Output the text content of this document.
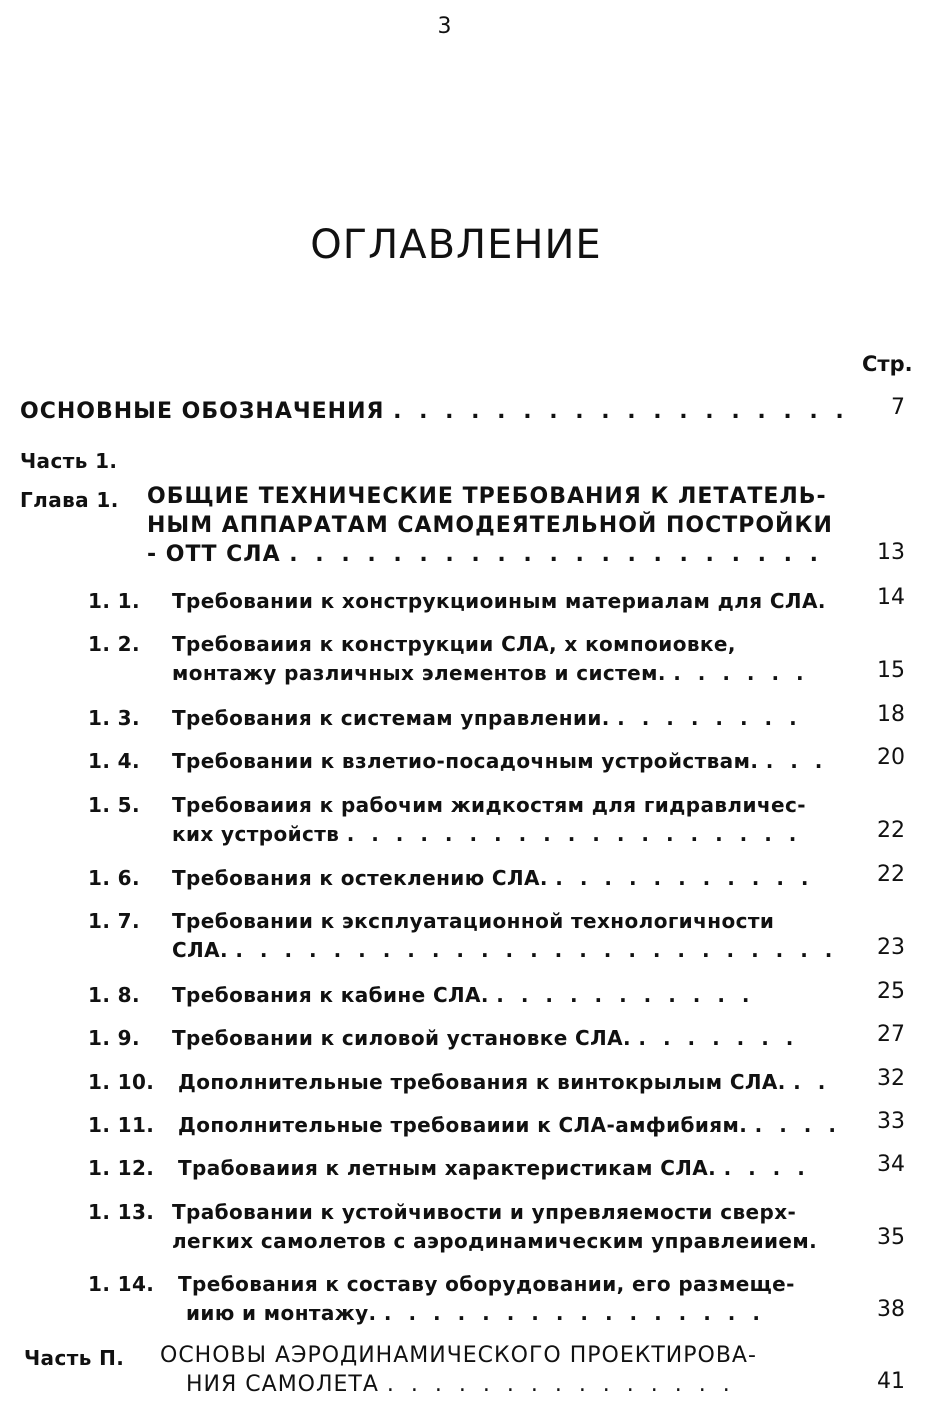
3
ОГЛАВЛЕНИЕ
Стр.
ОСНОВНЫЕ ОБОЗНАЧЕНИЯ . . . . . . . . . . . . . . . . . .	7
Часть 1.
Глава 1. ОБЩИЕ ТЕХНИЧЕСКИЕ ТРЕБОВАНИЯ К ЛЕТАТЕЛЬ-
НЫМ АППАРАТАМ САМОДЕЯТЕЛЬНОЙ ПОСТРОЙКИ
- ОТТ СЛА . . . . . . . . . . . . . . . . . . . . .	13
1. 1. Требовании к хонструкциоиным материалам для СЛА.	14
1. 2. Требоваиия к конструкции СЛА, х компоиовке,
монтажу различных элементов и систем. . . . . . .	15
1. 3. Требования к системам управлении. . . . . . . . .	18
1. 4. Требовании к взлетио-посадочным устройствам. . . .	20
1. 5. Требоваиия к рабочим жидкостям для гидравличес-
ких устройств . . . . . . . . . . . . . . . . . . .	22
1. 6. Требования к остеклению СЛА. . . . . . . . . . . .	22
1. 7. Требовании к эксплуатационной технологичности
СЛА. . . . . . . . . . . . . . . . . . . . . . . . . .	23
1. 8. Требования к кабине СЛА. . . . . . . . . . . .	25
1. 9. Требовании к силовой установке СЛА. . . . . . . .	27
1. 10. Дополнительные требования к винтокрылым СЛА. . .	32
1. 11. Дополнительные требоваиии к СЛА-амфибиям. . . . .	33
1. 12. Трабоваиия к летным характеристикам СЛА. . . . .	34
1. 13. Трабовании к устойчивости и упревляемости сверх-
легких самолетов с аэродинамическим управлеиием.	35
1. 14. Требования к составу оборудовании, его размеще-
иию и монтажу. . . . . . . . . . . . . . . . .	38
Часть П. ОСНОВЫ АЭРОДИНАМИЧЕСКОГО ПРОЕКТИРОВА-
НИЯ САМОЛЕТА . . . . . . . . . . . . . . .	41
